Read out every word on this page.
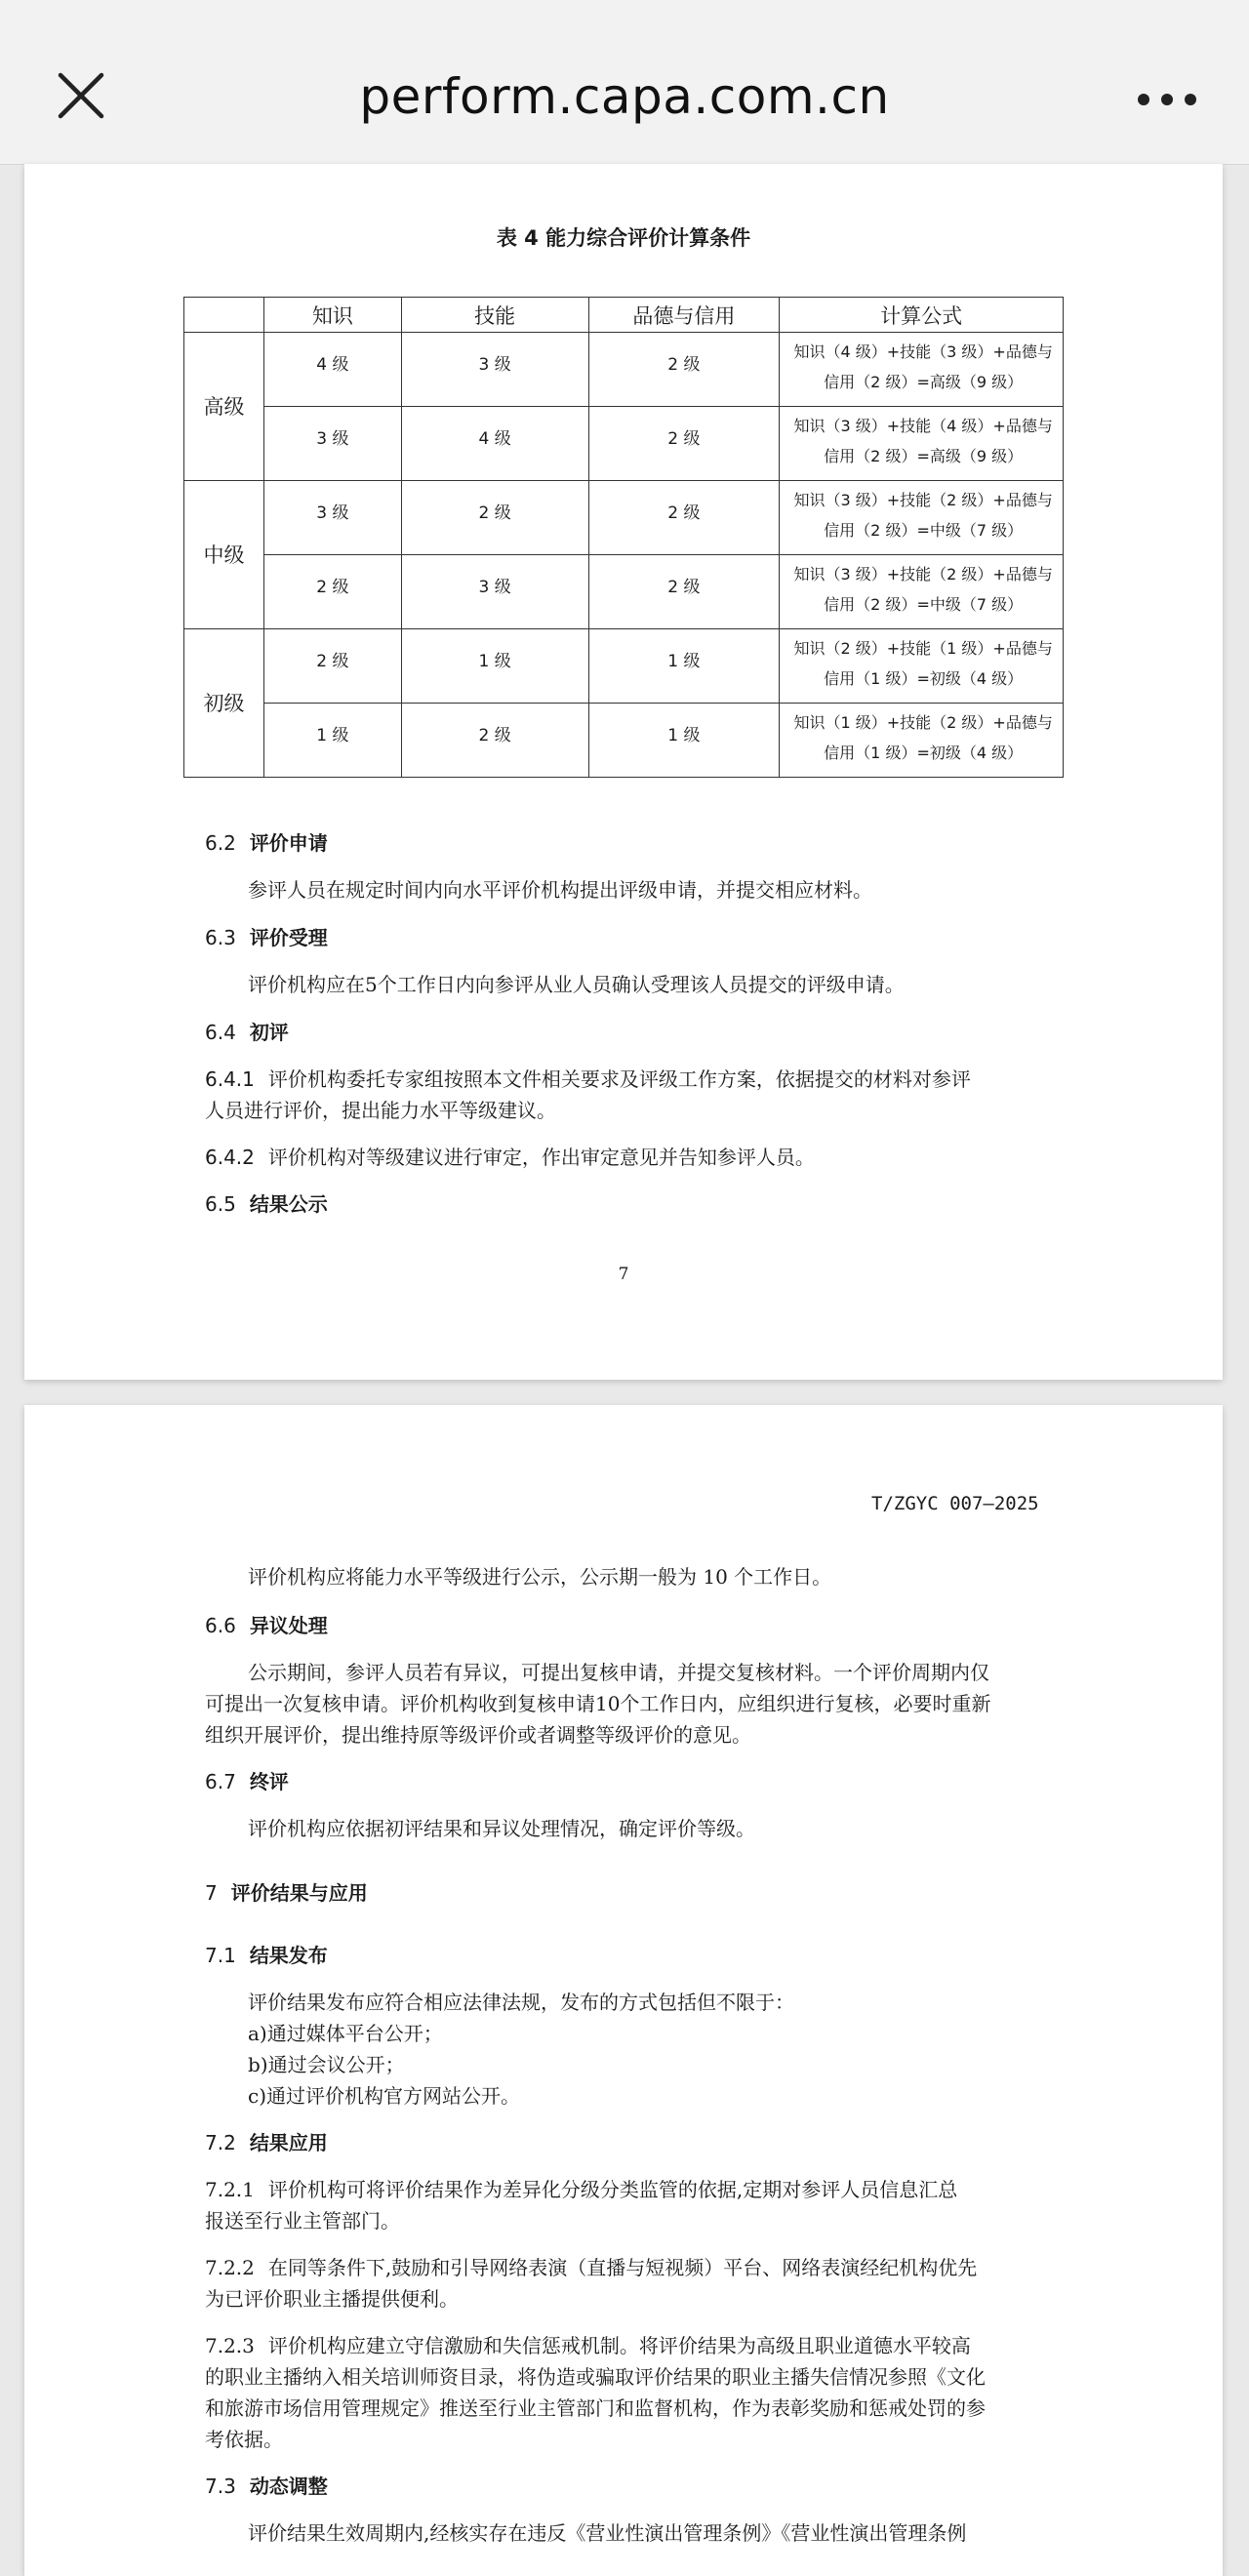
perform.capa.com.cn
表 4 能力综合评价计算条件
	知识	技能	品德与信用	计算公式
高级	4 级	3 级	2 级	知识（4 级）+技能（3 级）+品德与
信用（2 级）=高级（9 级）

	3 级	4 级	2 级	知识（3 级）+技能（4 级）+品德与
信用（2 级）=高级（9 级）

中级	3 级	2 级	2 级	知识（3 级）+技能（2 级）+品德与
信用（2 级）=中级（7 级）

	2 级	3 级	2 级	知识（3 级）+技能（2 级）+品德与
信用（2 级）=中级（7 级）

初级	2 级	1 级	1 级	知识（2 级）+技能（1 级）+品德与
信用（1 级）=初级（4 级）

	1 级	2 级	1 级	知识（1 级）+技能（2 级）+品德与
信用（1 级）=初级（4 级）
6.2 评价申请
参评人员在规定时间内向水平评价机构提出评级申请，并提交相应材料。
6.3 评价受理
评价机构应在5个工作日内向参评从业人员确认受理该人员提交的评级申请。
6.4 初评
6.4.1 评价机构委托专家组按照本文件相关要求及评级工作方案，依据提交的材料对参评
人员进行评价，提出能力水平等级建议。
6.4.2 评价机构对等级建议进行审定，作出审定意见并告知参评人员。
6.5 结果公示
7
T/ZGYC 007—2025
评价机构应将能力水平等级进行公示，公示期一般为 10 个工作日。
6.6 异议处理
公示期间，参评人员若有异议，可提出复核申请，并提交复核材料。一个评价周期内仅
可提出一次复核申请。评价机构收到复核申请10个工作日内，应组织进行复核，必要时重新
组织开展评价，提出维持原等级评价或者调整等级评价的意见。
6.7 终评
评价机构应依据初评结果和异议处理情况，确定评价等级。
7 评价结果与应用
7.1 结果发布
评价结果发布应符合相应法律法规，发布的方式包括但不限于：
a)通过媒体平台公开；
b)通过会议公开；
c)通过评价机构官方网站公开。
7.2 结果应用
7.2.1 评价机构可将评价结果作为差异化分级分类监管的依据,定期对参评人员信息汇总
报送至行业主管部门。
7.2.2 在同等条件下,鼓励和引导网络表演（直播与短视频）平台、网络表演经纪机构优先
为已评价职业主播提供便利。
7.2.3 评价机构应建立守信激励和失信惩戒机制。将评价结果为高级且职业道德水平较高
的职业主播纳入相关培训师资目录，将伪造或骗取评价结果的职业主播失信情况参照《文化
和旅游市场信用管理规定》推送至行业主管部门和监督机构，作为表彰奖励和惩戒处罚的参
考依据。
7.3 动态调整
评价结果生效周期内,经核实存在违反《营业性演出管理条例》《营业性演出管理条例
